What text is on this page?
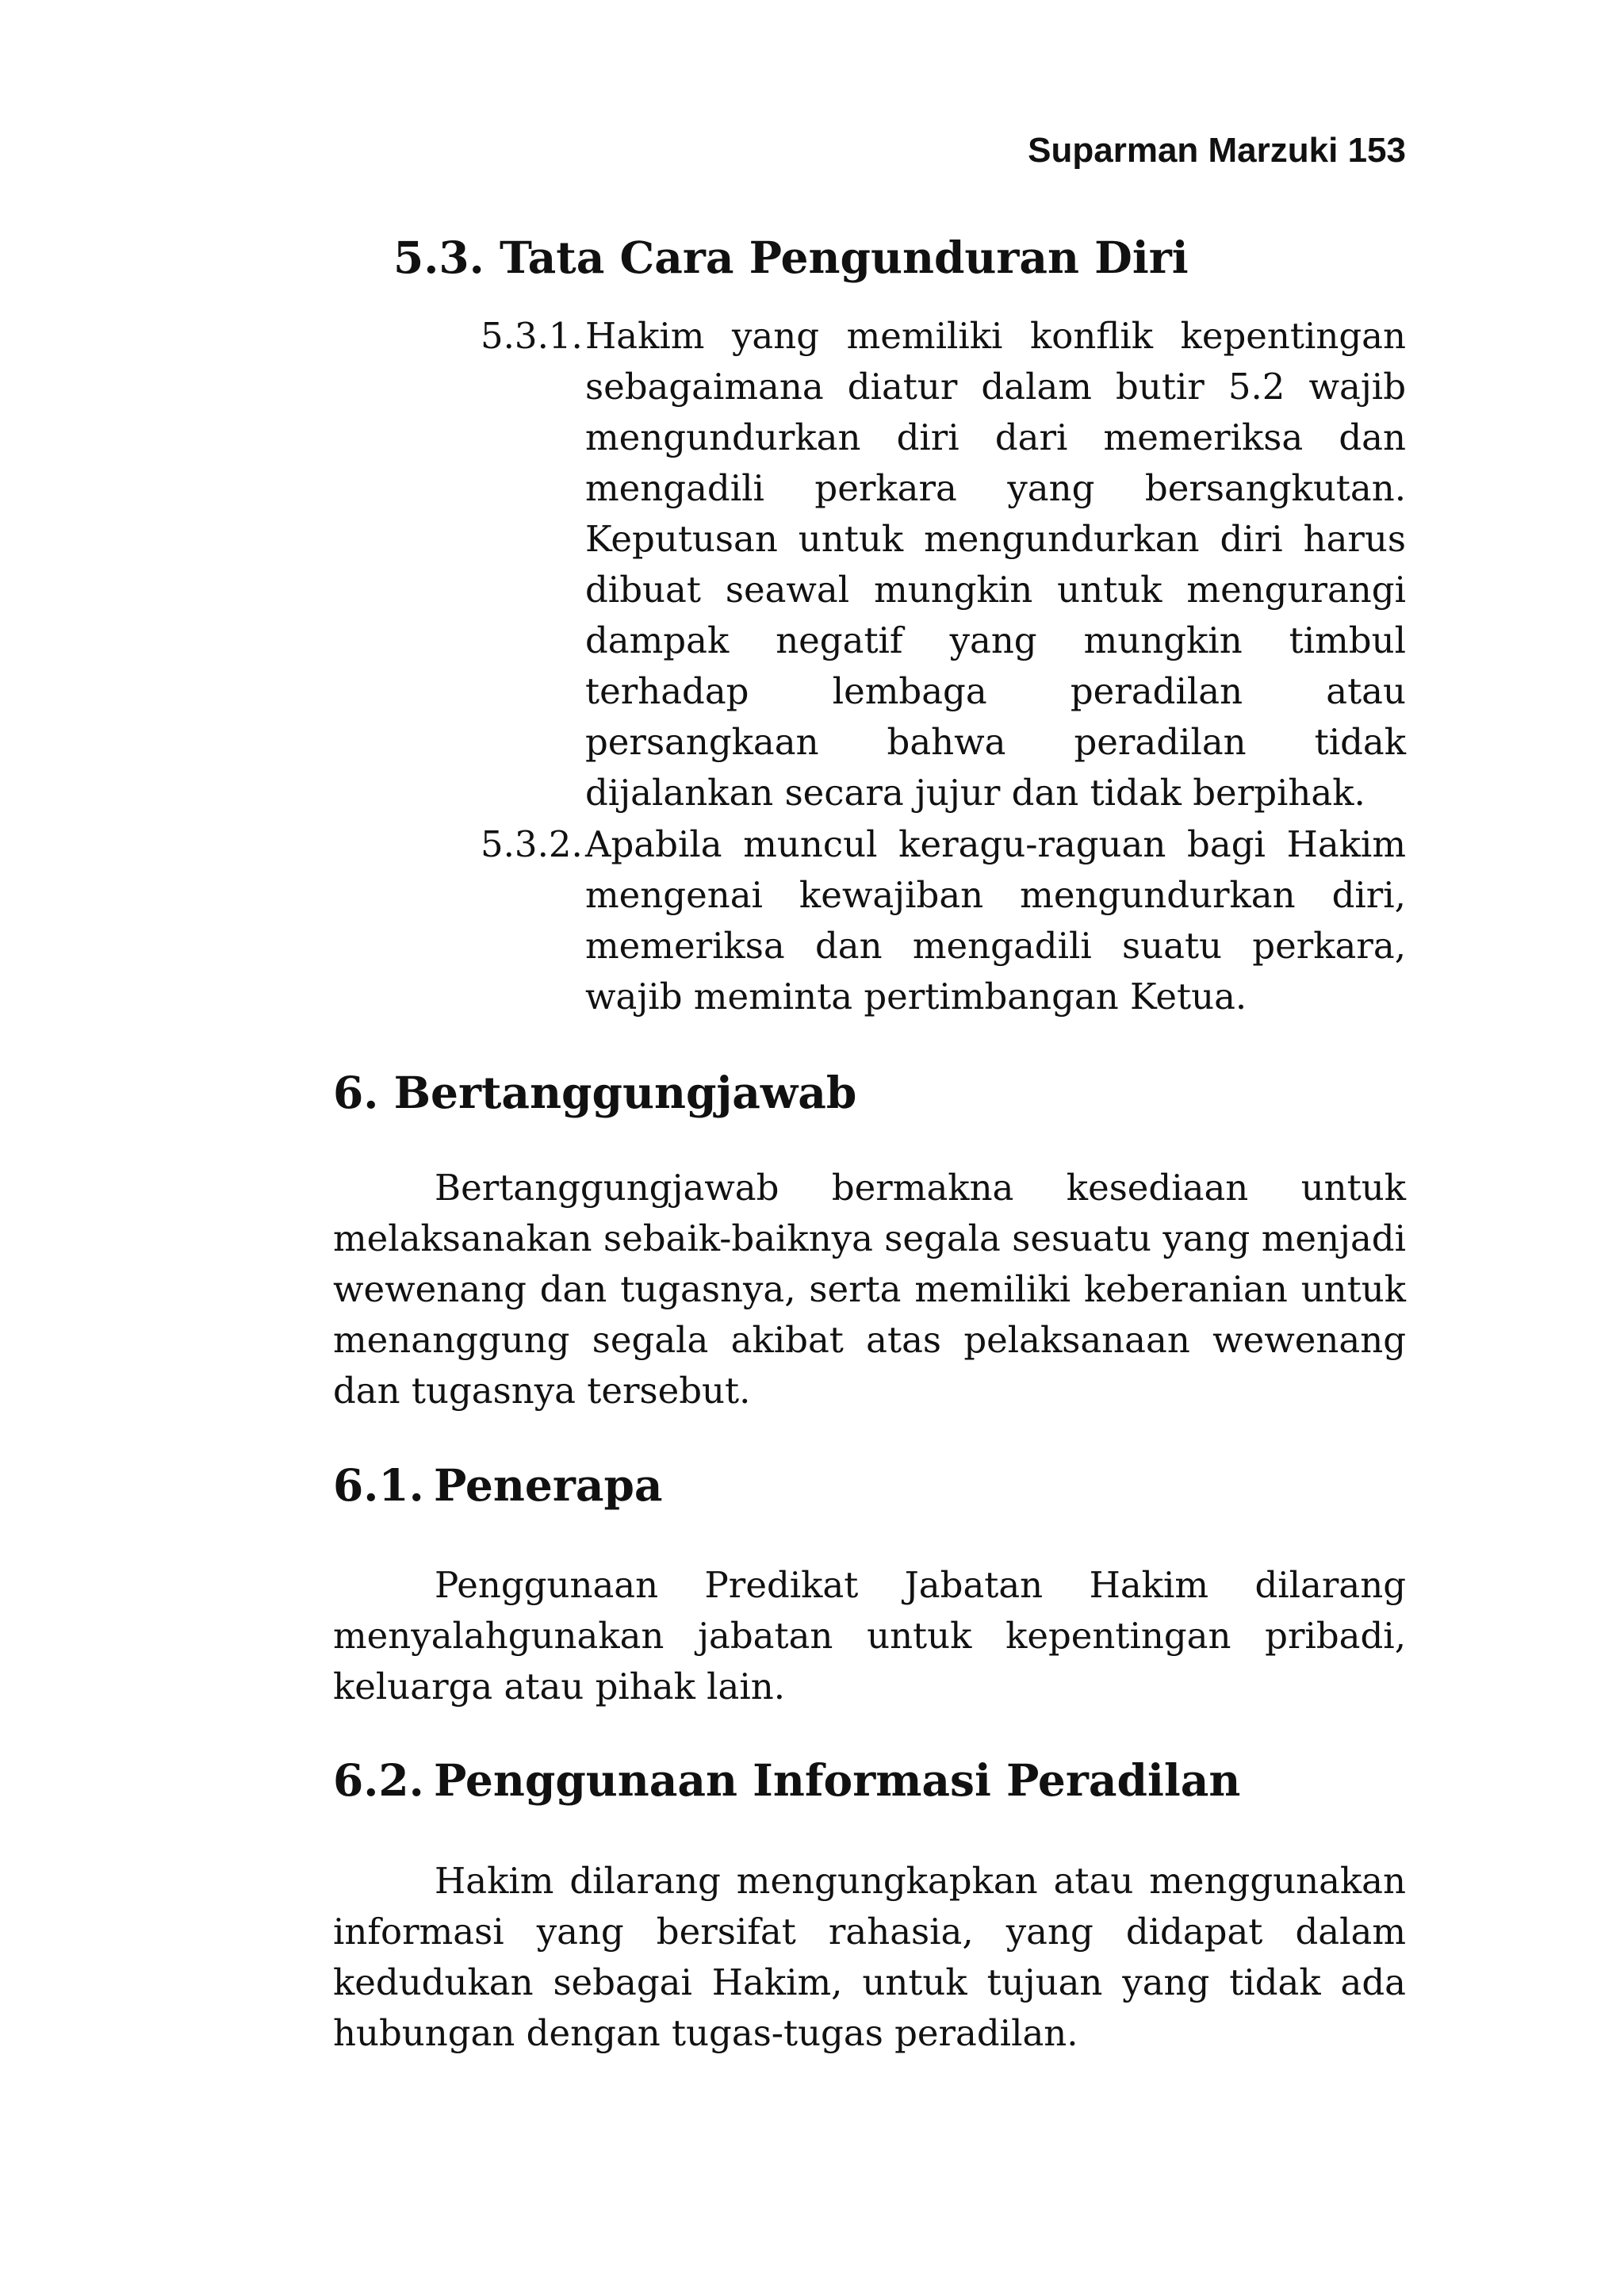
Suparman Marzuki 153
5.3. Tata Cara Pengunduran Diri
5.3.1. Hakim yang memiliki konflik kepentingan sebagaimana diatur dalam butir 5.2 wajib mengundurkan diri dari memeriksa dan mengadili perkara yang bersangkutan. Keputusan untuk mengundurkan diri harus dibuat seawal mungkin untuk mengurangi dampak negatif yang mungkin timbul terhadap lembaga peradilan atau persangkaan bahwa peradilan tidak dijalankan secara jujur dan tidak berpihak.
5.3.2. Apabila muncul keragu-raguan bagi Hakim mengenai kewajiban mengundurkan diri, memeriksa dan mengadili suatu perkara, wajib meminta pertimbangan Ketua.
6. Bertanggungjawab
Bertanggungjawab bermakna kesediaan untuk melaksanakan sebaik-baiknya segala sesuatu yang menjadi wewenang dan tugasnya, serta memiliki keberanian untuk menanggung segala akibat atas pelaksanaan wewenang dan tugasnya tersebut.
6.1. Penerapa
Penggunaan Predikat Jabatan Hakim dilarang menyalahgunakan jabatan untuk kepentingan pribadi, keluarga atau pihak lain.
6.2. Penggunaan Informasi Peradilan
Hakim dilarang mengungkapkan atau menggunakan informasi yang bersifat rahasia, yang didapat dalam kedudukan sebagai Hakim, untuk tujuan yang tidak ada hubungan dengan tugas-tugas peradilan.
